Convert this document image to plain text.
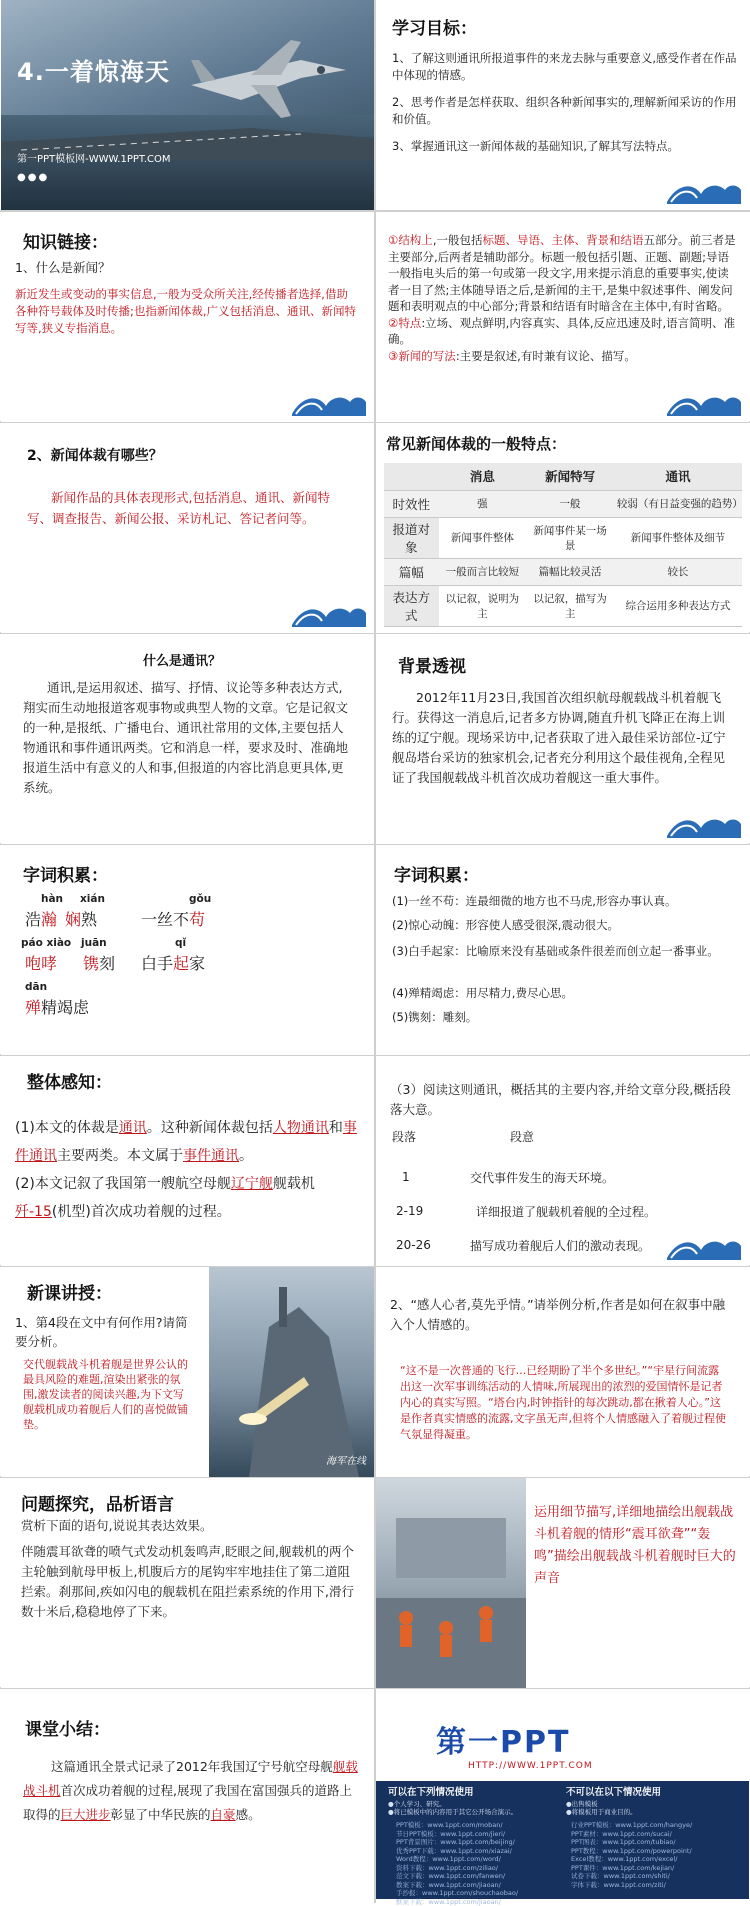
4.一着惊海天
第一PPT模板网-WWW.1PPT.COM
●●●
学习目标：
1、了解这则通讯所报道事件的来龙去脉与重要意义,感受作者在作品中体现的情感。
2、思考作者是怎样获取、组织各种新闻事实的,理解新闻采访的作用和价值。
3、掌握通讯这一新闻体裁的基础知识,了解其写法特点。
知识链接：
1、什么是新闻？
新近发生或变动的事实信息,一般为受众所关注,经传播者选择,借助各种符号载体及时传播;也指新闻体裁,广义包括消息、通讯、新闻特写等,狭义专指消息。
①结构上,一般包括标题、导语、主体、背景和结语五部分。前三者是主要部分,后两者是辅助部分。标题一般包括引题、正题、副题;导语一般指电头后的第一句或第一段文字,用来提示消息的重要事实,使读者一目了然;主体随导语之后,是新闻的主干,是集中叙述事件、阐发问题和表明观点的中心部分;背景和结语有时暗含在主体中,有时省略。
②特点:立场、观点鲜明,内容真实、具体,反应迅速及时,语言简明、准确。
③新闻的写法:主要是叙述,有时兼有议论、描写。
2、新闻体裁有哪些？
新闻作品的具体表现形式,包括消息、通讯、新闻特写、调查报告、新闻公报、采访札记、答记者问等。
常见新闻体裁的一般特点：
	消息	新闻特写	通讯
时效性	强	一般	较弱（有日益变强的趋势）
报道对象	新闻事件整体	新闻事件某一场景	新闻事件整体及细节
篇幅	一般而言比较短	篇幅比较灵活	较长
表达方式	以记叙，说明为主	以记叙，描写为主	综合运用多种表达方式
什么是通讯？
通讯,是运用叙述、描写、抒情、议论等多种表达方式,翔实而生动地报道客观事物或典型人物的文章。它是记叙文的一种,是报纸、广播电台、通讯社常用的文体,主要包括人物通讯和事件通讯两类。它和消息一样，要求及时、准确地报道生活中有意义的人和事,但报道的内容比消息更具体,更系统。
背景透视
2012年11月23日,我国首次组织航母舰载战斗机着舰飞行。获得这一消息后,记者多方协调,随直升机飞降正在海上训练的辽宁舰。现场采访中,记者获取了进入最佳采访部位-辽宁舰岛塔台采访的独家机会,记者充分利用这个最佳视角,全程见证了我国舰载战斗机首次成功着舰这一重大事件。
字词积累：
hàn
浩瀚
xián
娴熟
gǒu
一丝不苟
páo xiào
咆哮
juān
镌刻
qǐ
白手起家
dān
殚精竭虑
字词积累：
(1)一丝不苟：连最细微的地方也不马虎,形容办事认真。
(2)惊心动魄：形容使人感受很深,震动很大。
(3)白手起家：比喻原来没有基础或条件很差而创立起一番事业。
(4)殚精竭虑：用尽精力,费尽心思。
(5)镌刻：雕刻。
整体感知：
(1)本文的体裁是通讯。这种新闻体裁包括人物通讯和事件通讯主要两类。本文属于事件通讯。
(2)本文记叙了我国第一艘航空母舰辽宁舰舰载机歼-15(机型)首次成功着舰的过程。
（3）阅读这则通讯，概括其的主要内容,并给文章分段,概括段落大意。
段落	段意
1	交代事件发生的海天环境。
2-19	详细报道了舰载机着舰的全过程。
20-26	描写成功着舰后人们的激动表现。
新课讲授：
1、第4段在文中有何作用?请简要分析。
交代舰载战斗机着舰是世界公认的最具风险的难题,渲染出紧张的氛围,激发读者的阅读兴趣,为下文写舰载机成功着舰后人们的喜悦做铺垫。
海军在线
2、“感人心者,莫先乎情。”请举例分析,作者是如何在叙事中融入个人情感的。
“这不是一次普通的飞行...已经期盼了半个多世纪。”“宇星行间流露出这一次军事训练活动的人情味,所展现出的浓烈的爱国情怀是记者内心的真实写照。“塔台内,时钟指针的每次跳动,都在揪着人心。”这是作者真实情感的流露,文字虽无声,但将个人情感融入了着舰过程使气氛显得凝重。
问题探究，品析语言
赏析下面的语句,说说其表达效果。
伴随震耳欲聋的喷气式发动机轰鸣声,眨眼之间,舰载机的两个主轮触到航母甲板上,机腹后方的尾钩牢牢地挂住了第二道阻拦索。刹那间,疾如闪电的舰载机在阻拦索系统的作用下,滑行数十米后,稳稳地停了下来。
运用细节描写,详细地描绘出舰载战斗机着舰的情形“震耳欲聋”“轰鸣”描绘出舰载战斗机着舰时巨大的声音
课堂小结：
这篇通讯全景式记录了2012年我国辽宁号航空母舰舰载战斗机首次成功着舰的过程,展现了我国在富国强兵的道路上取得的巨大进步彰显了中华民族的自豪感。
第一PPT
HTTP://WWW.1PPT.COM
可以在下列情况使用
●个人学习、研究。
●将已模板中的内容用于其它公开场合演示。
不可以在以下情况使用
●出售模板
●将模板用于商业目的。
PPT模板：www.1ppt.com/moban/
节日PPT模板：www.1ppt.com/jieri/
PPT背景图片：www.1ppt.com/beijing/
优秀PPT下载：www.1ppt.com/xiazai/
Word教程：www.1ppt.com/word/
资料下载：www.1ppt.com/ziliao/
范文下载：www.1ppt.com/fanwen/
教案下载：www.1ppt.com/jiaoan/
手抄报：www.1ppt.com/shouchaobao/
默案下载：www.1ppt.com/jiaoan/
行业PPT模板：www.1ppt.com/hangye/
PPT素材：www.1ppt.com/sucai/
PPT图表：www.1ppt.com/tubiao/
PPT教程：www.1ppt.com/powerpoint/
Excel教程：www.1ppt.com/excel/
PPT课件：www.1ppt.com/kejian/
试卷下载：www.1ppt.com/shiti/
字体下载：www.1ppt.com/ziti/
